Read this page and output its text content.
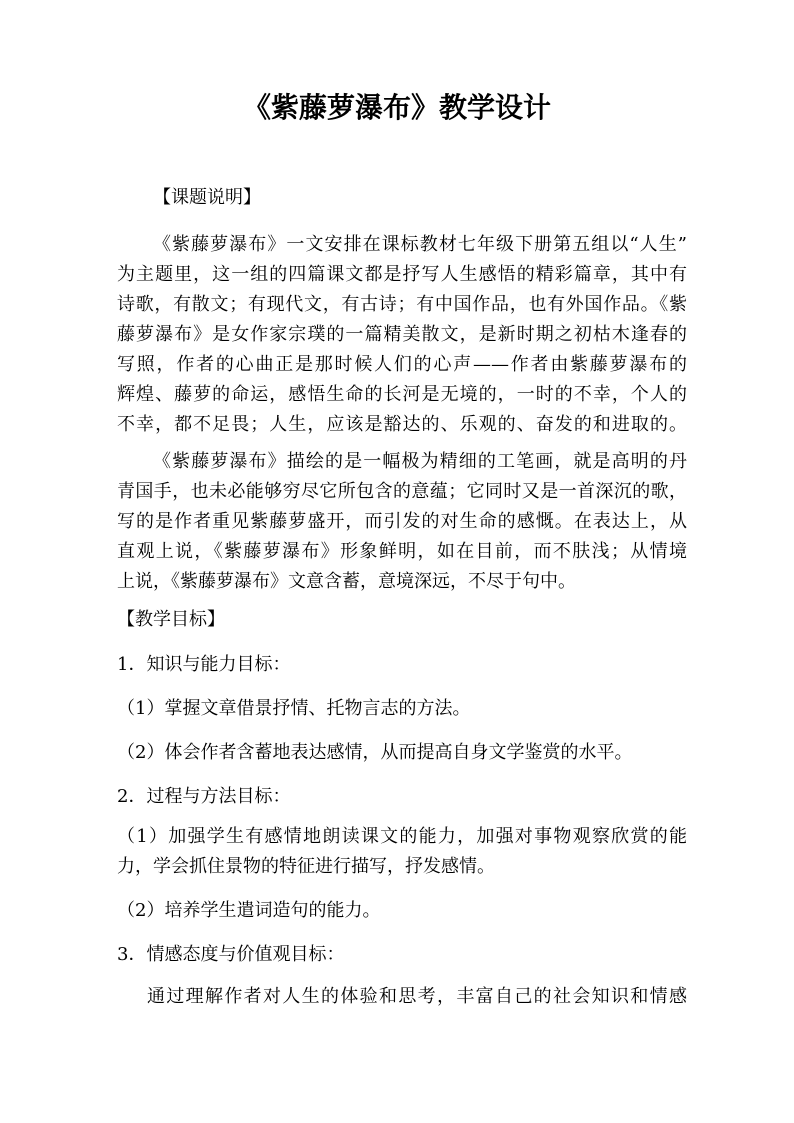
《紫藤萝瀑布》教学设计
【课题说明】
《紫藤萝瀑布》一文安排在课标教材七年级下册第五组以“人生”
为主题里，这一组的四篇课文都是抒写人生感悟的精彩篇章，其中有
诗歌，有散文；有现代文，有古诗；有中国作品，也有外国作品。《紫
藤萝瀑布》是女作家宗璞的一篇精美散文，是新时期之初枯木逢春的
写照，作者的心曲正是那时候人们的心声——作者由紫藤萝瀑布的
辉煌、藤萝的命运，感悟生命的长河是无境的，一时的不幸，个人的
不幸，都不足畏；人生，应该是豁达的、乐观的、奋发的和进取的。
《紫藤萝瀑布》描绘的是一幅极为精细的工笔画，就是高明的丹
青国手，也未必能够穷尽它所包含的意蕴；它同时又是一首深沉的歌，
写的是作者重见紫藤萝盛开，而引发的对生命的感慨。在表达上，从
直观上说，《紫藤萝瀑布》形象鲜明，如在目前，而不肤浅；从情境
上说，《紫藤萝瀑布》文意含蓄，意境深远，不尽于句中。
【教学目标】
1．知识与能力目标：
（1）掌握文章借景抒情、托物言志的方法。
（2）体会作者含蓄地表达感情，从而提高自身文学鉴赏的水平。
2．过程与方法目标：
（1）加强学生有感情地朗读课文的能力，加强对事物观察欣赏的能
力，学会抓住景物的特征进行描写，抒发感情。
（2）培养学生遣词造句的能力。
3．情感态度与价值观目标：
通过理解作者对人生的体验和思考，丰富自己的社会知识和情感
